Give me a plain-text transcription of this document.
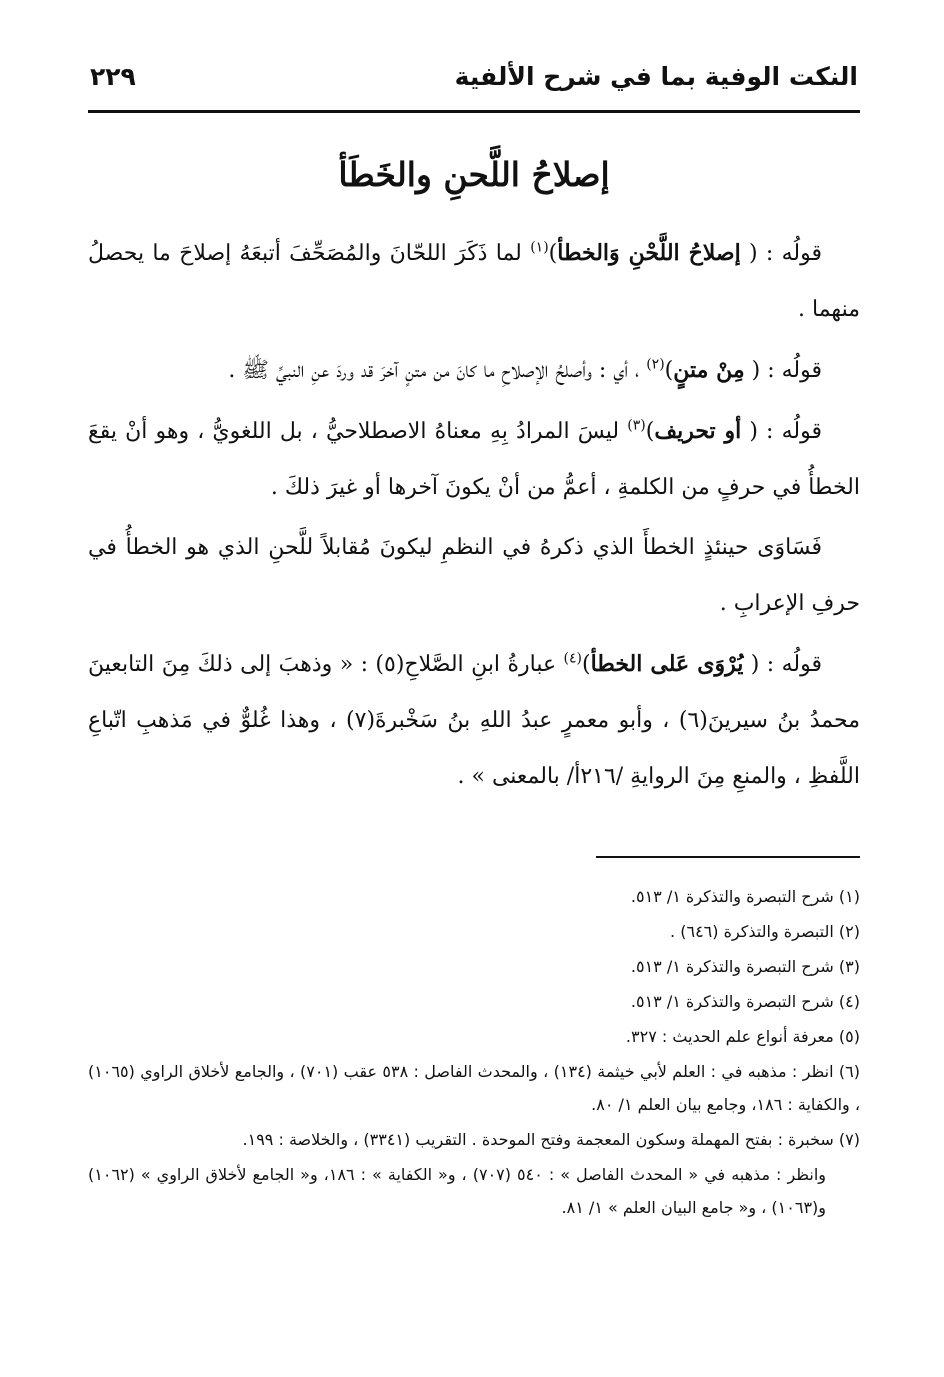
النكت الوفية بما في شرح الألفية
٢٢٩
إصلاحُ اللَّحنِ والخَطَأ

قولُه : ( إصلاحُ اللَّحْنِ وَالخطأ)$^{(١)}$ لما ذَكَرَ اللحّانَ والمُصَحِّفَ أتبعَهُ إصلاحَ ما يحصلُ منهما .

قولُه : ( مِنْ متنٍ)$^{(٢)}$ ، أي : وأصلحُ الإصلاحِ ما كانَ من متنٍ آخرَ قد وردَ عنِ النبيِّ ﷺ .

قولُه : ( أو تحريف)$^{(٣)}$ ليسَ المرادُ بِهِ معناهُ الاصطلاحيُّ ، بل اللغويُّ ، وهو أنْ يقعَ الخطأُ في حرفٍ من الكلمةِ ، أعمُّ من أنْ يكونَ آخرها أو غيرَ ذلكَ .

فَسَاوَى حينئذٍ الخطأَ الذي ذكرهُ في النظمِ ليكونَ مُقابلاً للَّحنِ الذي هو الخطأُ في حرفِ الإعرابِ .

قولُه : ( يُرْوَى عَلى الخطأ)$^{(٤)}$ عبارةُ ابنِ الصَّلاحِ(٥) : « وذهبَ إلى ذلكَ مِنَ التابعينَ محمدُ بنُ سيرينَ(٦) ، وأبو معمرٍ عبدُ اللهِ بنُ سَخْبرةَ(٧) ، وهذا غُلوٌّ في مَذهبِ اتّباعِ اللَّفظِ ، والمنعِ مِنَ الروايةِ /٢١٦أ/ بالمعنى » .

(١) شرح التبصرة والتذكرة ١/ ٥١٣.
(٢) التبصرة والتذكرة (٦٤٦) .
(٣) شرح التبصرة والتذكرة ١/ ٥١٣.
(٤) شرح التبصرة والتذكرة ١/ ٥١٣.
(٥) معرفة أنواع علم الحديث : ٣٢٧.
(٦) انظر : مذهبه في : العلم لأبي خيثمة (١٣٤) ، والمحدث الفاصل : ٥٣٨ عقب (٧٠١) ، والجامع لأخلاق الراوي (١٠٦٥) ، والكفاية : ١٨٦، وجامع بيان العلم ١/ ٨٠.
(٧) سخبرة : بفتح المهملة وسكون المعجمة وفتح الموحدة . التقريب (٣٣٤١) ، والخلاصة : ١٩٩.
وانظر : مذهبه في « المحدث الفاصل » : ٥٤٠ (٧٠٧) ، و« الكفاية » : ١٨٦، و« الجامع لأخلاق الراوي » (١٠٦٢) و(١٠٦٣) ، و« جامع البيان العلم » ١/ ٨١.
